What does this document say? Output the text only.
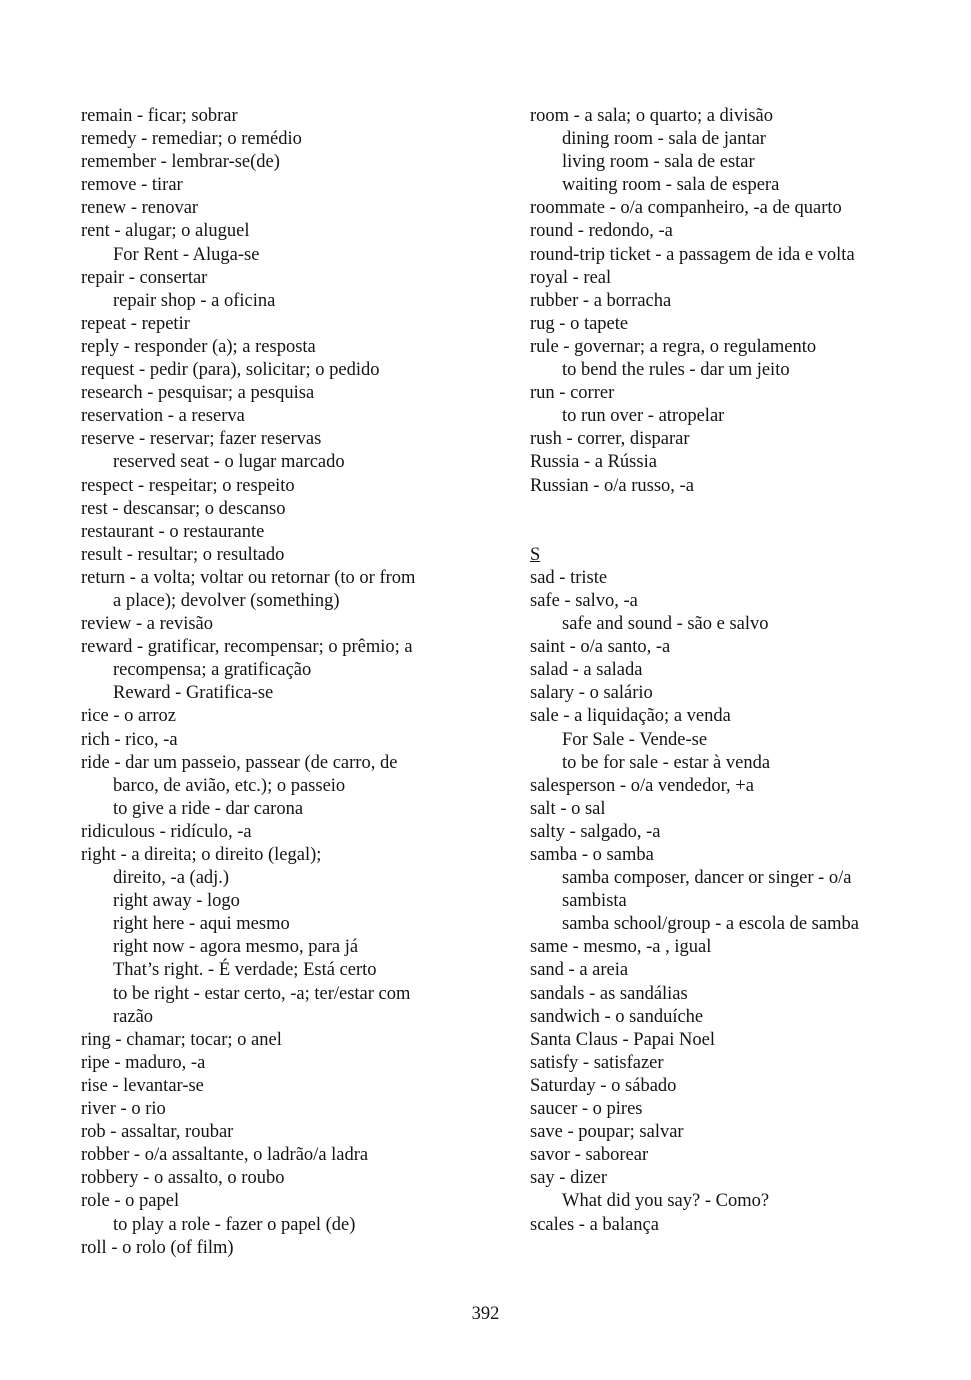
remain - ficar; sobrar
remedy - remediar; o remédio
remember - lembrar-se(de)
remove - tirar
renew - renovar
rent - alugar; o aluguel
For Rent - Aluga-se
repair - consertar
repair shop - a oficina
repeat - repetir
reply - responder (a); a resposta
request - pedir (para), solicitar; o pedido
research - pesquisar; a pesquisa
reservation - a reserva
reserve - reservar; fazer reservas
reserved seat - o lugar marcado
respect - respeitar; o respeito
rest - descansar; o descanso
restaurant - o restaurante
result - resultar; o resultado
return - a volta; voltar ou retornar (to or from
a place); devolver (something)
review - a revisão
reward - gratificar, recompensar; o prêmio; a
recompensa; a gratificação
Reward - Gratifica-se
rice - o arroz
rich - rico, -a
ride - dar um passeio, passear (de carro, de
barco, de avião, etc.); o passeio
to give a ride - dar carona
ridiculous - ridículo, -a
right - a direita; o direito (legal);
direito, -a (adj.)
right away - logo
right here - aqui mesmo
right now - agora mesmo, para já
That’s right. - É verdade; Está certo
to be right - estar certo, -a; ter/estar com
razão
ring - chamar; tocar; o anel
ripe - maduro, -a
rise - levantar-se
river - o rio
rob - assaltar, roubar
robber - o/a assaltante, o ladrão/a ladra
robbery - o assalto, o roubo
role - o papel
to play a role - fazer o papel (de)
roll - o rolo (of film)
room - a sala; o quarto; a divisão
dining room - sala de jantar
living room - sala de estar
waiting room - sala de espera
roommate - o/a companheiro, -a de quarto
round - redondo, -a
round-trip ticket - a passagem de ida e volta
royal - real
rubber - a borracha
rug - o tapete
rule - governar; a regra, o regulamento
to bend the rules - dar um jeito
run - correr
to run over - atropelar
rush - correr, disparar
Russia - a Rússia
Russian - o/a russo, -a
S
sad - triste
safe - salvo, -a
safe and sound - são e salvo
saint - o/a santo, -a
salad - a salada
salary - o salário
sale - a liquidação; a venda
For Sale - Vende-se
to be for sale - estar à venda
salesperson - o/a vendedor, +a
salt - o sal
salty - salgado, -a
samba - o samba
samba composer, dancer or singer - o/a
sambista
samba school/group - a escola de samba
same - mesmo, -a , igual
sand - a areia
sandals - as sandálias
sandwich - o sanduíche
Santa Claus - Papai Noel
satisfy - satisfazer
Saturday - o sábado
saucer - o pires
save - poupar; salvar
savor - saborear
say - dizer
What did you say? - Como?
scales - a balança
392
